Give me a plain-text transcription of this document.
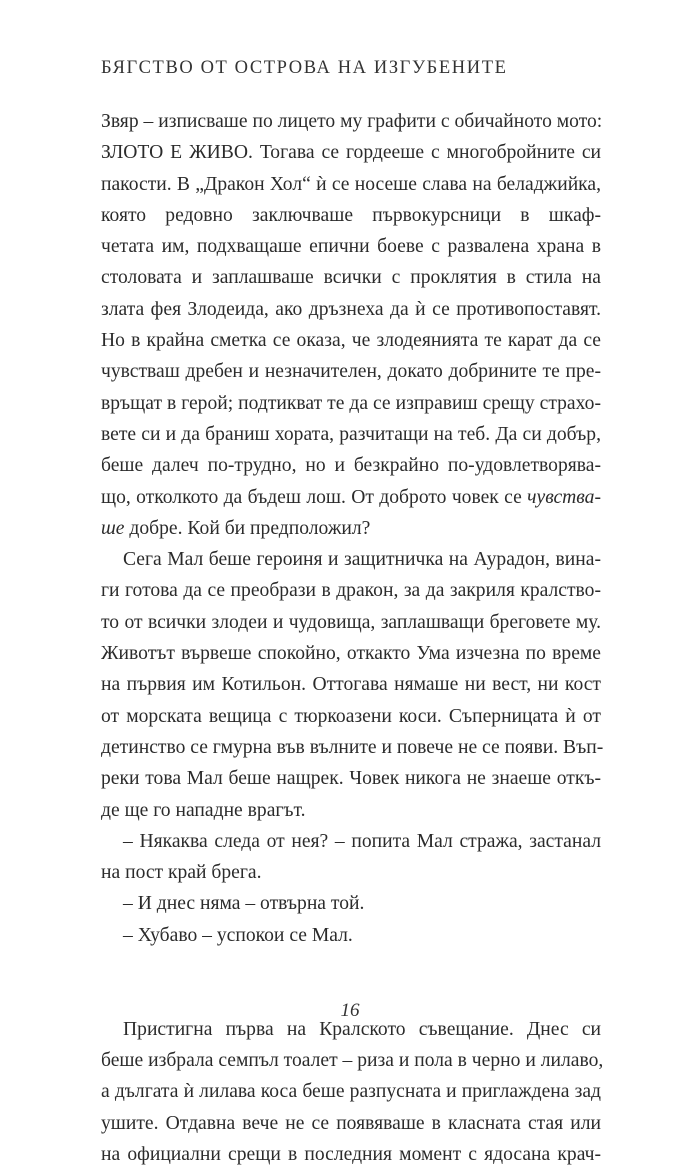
БЯГСТВО ОТ ОСТРОВА НА ИЗГУБЕНИТЕ
Звяр – изписваше по лицето му графити с обичайното мото:
ЗЛОТО Е ЖИВО. Тогава се гордееше с многобройните си
пакости. В „Дракон Хол“ ѝ се носеше слава на беладжийка,
която редовно заключваше първокурсници в шкаф-
четата им, подхващаше епични боеве с развалена храна в
столовата и заплашваше всички с проклятия в стила на
злата фея Злодеида, ако дръзнеха да ѝ се противопоставят.
Но в крайна сметка се оказа, че злодеянията те карат да се
чувстваш дребен и незначителен, докато добрините те пре-
връщат в герой; подтикват те да се изправиш срещу страхо-
вете си и да браниш хората, разчитащи на теб. Да си добър,
беше далеч по-трудно, но и безкрайно по-удовлетворява-
що, отколкото да бъдеш лош. От доброто човек се чувства-
ше добре. Кой би предположил?
Сега Мал беше героиня и защитничка на Аурадон, вина-
ги готова да се преобрази в дракон, за да закриля кралство-
то от всички злодеи и чудовища, заплашващи бреговете му.
Животът вървеше спокойно, откакто Ума изчезна по време
на първия им Котильон. Оттогава нямаше ни вест, ни кост
от морската вещица с тюркоазени коси. Съперницата ѝ от
детинство се гмурна във вълните и повече не се появи. Въп-
реки това Мал беше нащрек. Човек никога не знаеше откъ-
де ще го нападне врагът.
– Някаква следа от нея? – попита Мал стража, застанал
на пост край брега.
– И днес няма – отвърна той.
– Хубаво – успокои се Мал.
Пристигна първа на Кралското съвещание. Днес си
беше избрала семпъл тоалет – риза и пола в черно и лилаво,
а дългата ѝ лилава коса беше разпусната и приглаждена зад
ушите. Отдавна вече не се появяваше в класната стая или
на официални срещи в последния момент с ядосана крач-
16
